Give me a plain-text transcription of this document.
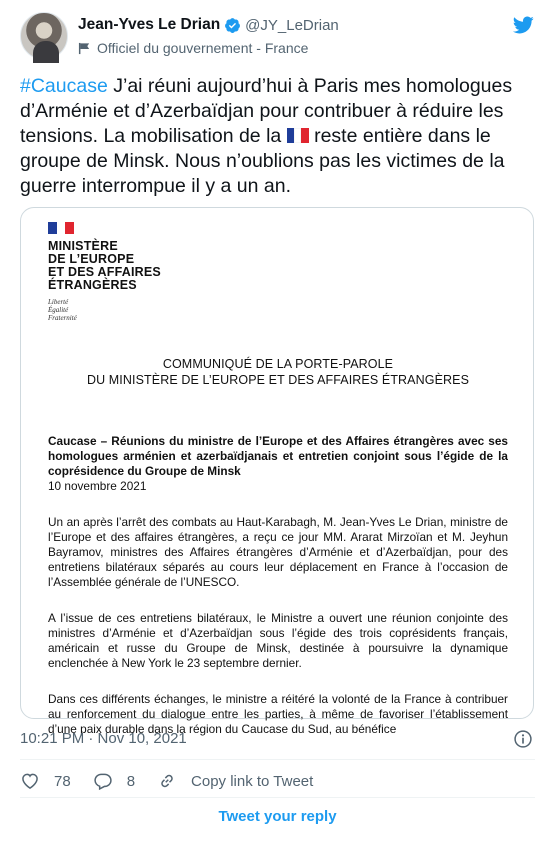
Jean-Yves Le Drian @JY_LeDrian
Officiel du gouvernement - France
#Caucase J’ai réuni aujourd’hui à Paris mes homologues d’Arménie et d’Azerbaïdjan pour contribuer à réduire les tensions. La mobilisation de la
reste entière dans le groupe de Minsk. Nous n’oublions pas les victimes de la guerre interrompue il y a un an.
MINISTÈRE
DE L’EUROPE
ET DES AFFAIRES
ÉTRANGÈRES
Liberté
Égalité
Fraternité
COMMUNIQUÉ DE LA PORTE-PAROLE
DU MINISTÈRE DE L’EUROPE ET DES AFFAIRES ÉTRANGÈRES
Caucase – Réunions du ministre de l’Europe et des Affaires étrangères avec ses homologues arménien et azerbaïdjanais et entretien conjoint sous l’égide de la coprésidence du Groupe de Minsk
10 novembre 2021
Un an après l’arrêt des combats au Haut-Karabagh, M. Jean-Yves Le Drian, ministre de l’Europe et des affaires étrangères, a reçu ce jour MM. Ararat Mirzoïan et M. Jeyhun Bayramov, ministres des Affaires étrangères d’Arménie et d’Azerbaïdjan, pour des entretiens bilatéraux séparés au cours leur déplacement en France à l’occasion de l’Assemblée générale de l’UNESCO.
A l’issue de ces entretiens bilatéraux, le Ministre a ouvert une réunion conjointe des ministres d’Arménie et d’Azerbaïdjan sous l’égide des trois coprésidents français, américain et russe du Groupe de Minsk, destinée à poursuivre la dynamique enclenchée à New York le 23 septembre dernier.
Dans ces différents échanges, le ministre a réitéré la volonté de la France à contribuer au renforcement du dialogue entre les parties, à même de favoriser l’établissement d’une paix durable dans la région du Caucase du Sud, au bénéfice
10:21 PM · Nov 10, 2021
78	8	Copy link to Tweet
Tweet your reply
